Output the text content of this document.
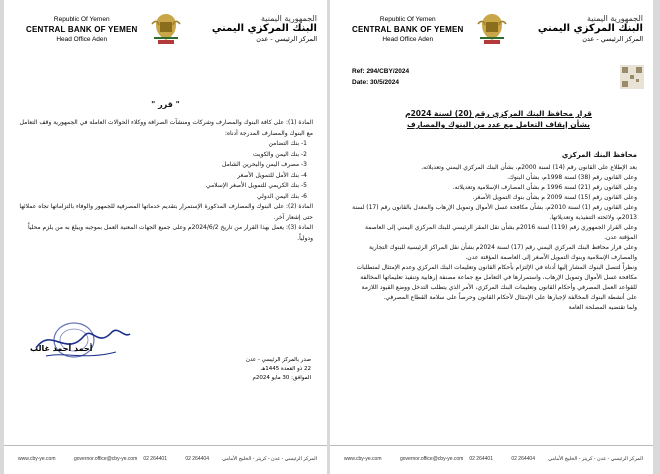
Republic Of Yemen
CENTRAL BANK OF YEMEN
Head Office Aden
الجمهورية اليمنية
البنك المركزي اليمني
المركز الرئيسي - عدن
Ref: 294/CBY/2024
Date: 30/5/2024
قرار محافظ البنك المركزي رقم (20) لسنة 2024م
بشأن إيقاف التعامل مع عدد من البنوك والمصارف

محافظ البنك المركزي

بعد الإطلاع على القانون رقم (14) لسنة 2000م، بشأن البنك المركزي اليمني وتعديلاته.

وعلى القانون رقم (38) لسنة 1998م، بشأن البنوك.

وعلى القانون رقم (21) لسنة 1996 م بشأن المصارف الإسلامية وتعديلاته.

وعلى القانون رقم (15) لسنة 2009 م بشأن بنوك التمويل الأصغر.

وعلى القانون رقم (1) لسنة 2010م، بشأن مكافحة غسل الأموال وتمويل الإرهاب والمعدل بالقانون رقم (17) لسنة 2013م، ولائحته التنفيذية وتعديلاتها.

وعلى القرار الجمهوري رقم (119) لسنة 2016م بشأن نقل المقر الرئيسي للبنك المركزي اليمني إلى العاصمة المؤقتة عدن.

وعلى قرار محافظ البنك المركزي اليمني رقم (17) لسنة 2024م بشأن نقل المراكز الرئيسية للبنوك التجارية والمصارف الإسلامية وبنوك التمويل الأصغر إلى العاصمة المؤقتة عدن.

ونظراً لتنصل البنوك المشار إليها أدناه في الإلتزام بأحكام القانون وتعليمات البنك المركزي وعدم الإمتثال لمتطلبات مكافحة غسل الأموال وتمويل الإرهاب، واستمرارها في التعامل مع جماعة مصنفة إرهابية وتنفيذ تعليماتها المخالفة للقواعد العمل المصرفي وأحكام القانون وتعليمات البنك المركزي، الأمر الذي يتطلب التدخل ووضع القيود اللازمة على أنشطة البنوك المخالفة لإجبارها على الإمتثال لأحكام القانون وحرصاً على سلامة القطاع المصرفي.

ولما تقتضيه المصلحة العامة

www.cby-ye.com	governor.office@cby-ye.com 02 264401	02 264404	المركز الرئيسي - عدن - كريتر - الخليج الأمامي
Republic Of Yemen
CENTRAL BANK OF YEMEN
Head Office Aden
الجمهورية اليمنية
البنك المركزي اليمني
المركز الرئيسي - عدن
" قرر "

المادة (1): على كافة البنوك والمصارف وشركات ومنشآت الصرافة ووكلاء الحوالات العاملة في الجمهورية وقف التعامل مع البنوك والمصارف المدرجة أدناه:

1- بنك التضامن
2- بنك اليمن والكويت
3- مصرف اليمن والبحرين الشامل
4- بنك الأمل للتمويل الأصغر
5- بنك الكريمي للتمويل الأصغر الإسلامي
6- بنك اليمن الدولي

المادة (2): على البنوك والمصارف المذكورة الإستمرار بتقديم خدماتها المصرفية للجمهور والوفاء بالتزاماتها تجاه عملائها حتى إشعار آخر.

المادة (3): يعمل بهذا القرار من تاريخ 2024/6/2م وعلى جميع الجهات المعنية العمل بموجبه ويبلغ به من يلزم محلياً ودولياً.

صدر بالمركز الرئيسي - عدن
22 ذو القعدة 1445هـ
الموافق: 30 مايو 2024م
أحمد أحمد غالب
www.cby-ye.com	governor.office@cby-ye.com 02 264401	02 264404	المركز الرئيسي - عدن - كريتر - الخليج الأمامي
